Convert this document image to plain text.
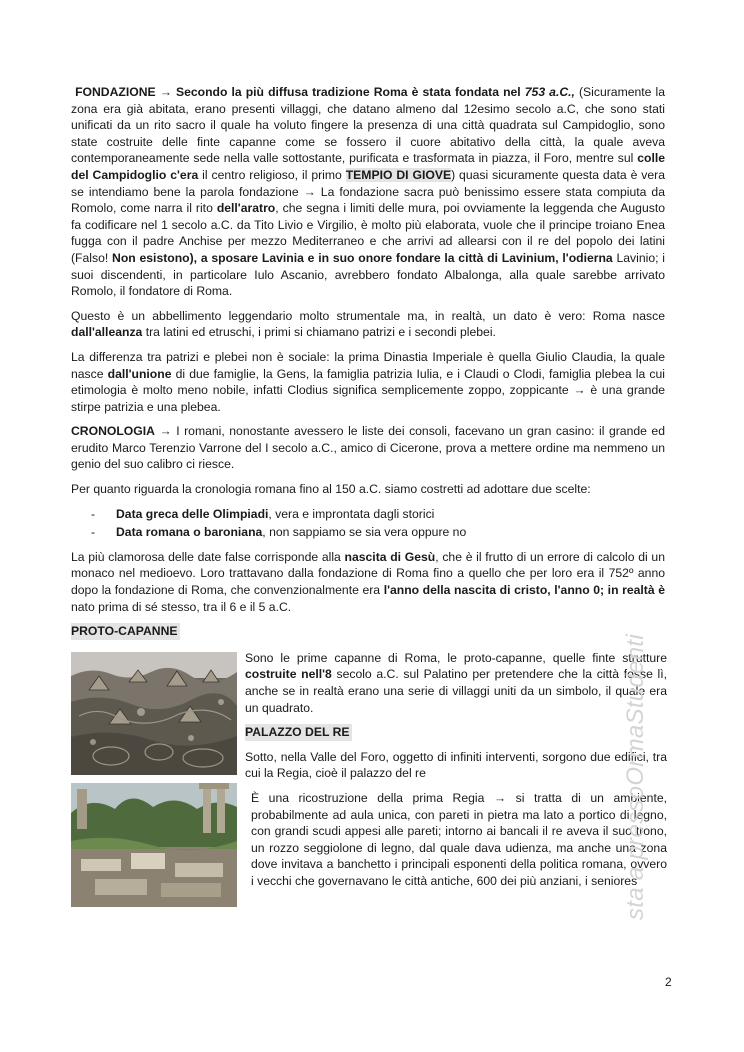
FONDAZIONE → Secondo la più diffusa tradizione Roma è stata fondata nel 753 a.C., (Sicuramente la zona era già abitata, erano presenti villaggi, che datano almeno dal 12esimo secolo a.C, che sono stati unificati da un rito sacro il quale ha voluto fingere la presenza di una città quadrata sul Campidoglio, sono state costruite delle finte capanne come se fossero il cuore abitativo della città, la quale aveva contemporaneamente sede nella valle sottostante, purificata e trasformata in piazza, il Foro, mentre sul colle del Campidoglio c'era il centro religioso, il primo TEMPIO DI GIOVE) quasi sicuramente questa data è vera se intendiamo bene la parola fondazione → La fondazione sacra può benissimo essere stata compiuta da Romolo, come narra il rito dell'aratro, che segna i limiti delle mura, poi ovviamente la leggenda che Augusto fa codificare nel 1 secolo a.C. da Tito Livio e Virgilio, è molto più elaborata, vuole che il principe troiano Enea fugga con il padre Anchise per mezzo Mediterraneo e che arrivi ad allearsi con il re del popolo dei latini (Falso! Non esistono), a sposare Lavinia e in suo onore fondare la città di Lavinium, l'odierna Lavinio; i suoi discendenti, in particolare Iulo Ascanio, avrebbero fondato Albalonga, alla quale sarebbe arrivato Romolo, il fondatore di Roma.

Questo è un abbellimento leggendario molto strumentale ma, in realtà, un dato è vero: Roma nasce dall'alleanza tra latini ed etruschi, i primi si chiamano patrizi e i secondi plebei.

La differenza tra patrizi e plebei non è sociale: la prima Dinastia Imperiale è quella Giulio Claudia, la quale nasce dall'unione di due famiglie, la Gens, la famiglia patrizia Iulia, e i Claudi o Clodi, famiglia plebea la cui etimologia è molto meno nobile, infatti Clodius significa semplicemente zoppo, zoppicante → è una grande stirpe patrizia e una plebea.

CRONOLOGIA → I romani, nonostante avessero le liste dei consoli, facevano un gran casino: il grande ed erudito Marco Terenzio Varrone del I secolo a.C., amico di Cicerone, prova a mettere ordine ma nemmeno un genio del suo calibro ci riesce.

Per quanto riguarda la cronologia romana fino al 150 a.C. siamo costretti ad adottare due scelte:

- Data greca delle Olimpiadi, vera e improntata dagli storici
- Data romana o baroniana, non sappiamo se sia vera oppure no

La più clamorosa delle date false corrisponde alla nascita di Gesù, che è il frutto di un errore di calcolo di un monaco nel medioevo. Loro trattavano dalla fondazione di Roma fino a quello che per loro era il 752º anno dopo la fondazione di Roma, che convenzionalmente era l'anno della nascita di cristo, l'anno 0; in realtà è nato prima di sé stesso, tra il 6 e il 5 a.C.

PROTO-CAPANNE

Sono le prime capanne di Roma, le proto-capanne, quelle finte strutture costruite nell'8 secolo a.C. sul Palatino per pretendere che la città fosse lì, anche se in realtà erano una serie di villaggi uniti da un simbolo, il quale era un quadrato.

PALAZZO DEL RE

Sotto, nella Valle del Foro, oggetto di infiniti interventi, sorgono due edifici, tra cui la Regia, cioè il palazzo del re

È una ricostruzione della prima Regia → si tratta di un ambiente, probabilmente ad aula unica, con pareti in pietra ma lato a portico di legno, con grandi scudi appesi alle pareti; intorno ai bancali il re aveva il suo trono, un rozzo seggiolone di legno, dal quale dava udienza, ma anche una zona dove invitava a banchetto i principali esponenti della politica romana, ovvero i vecchi che governavano le città antiche, 600 dei più anziani, i seniores

sta a pressoOrmaStudenti
2
